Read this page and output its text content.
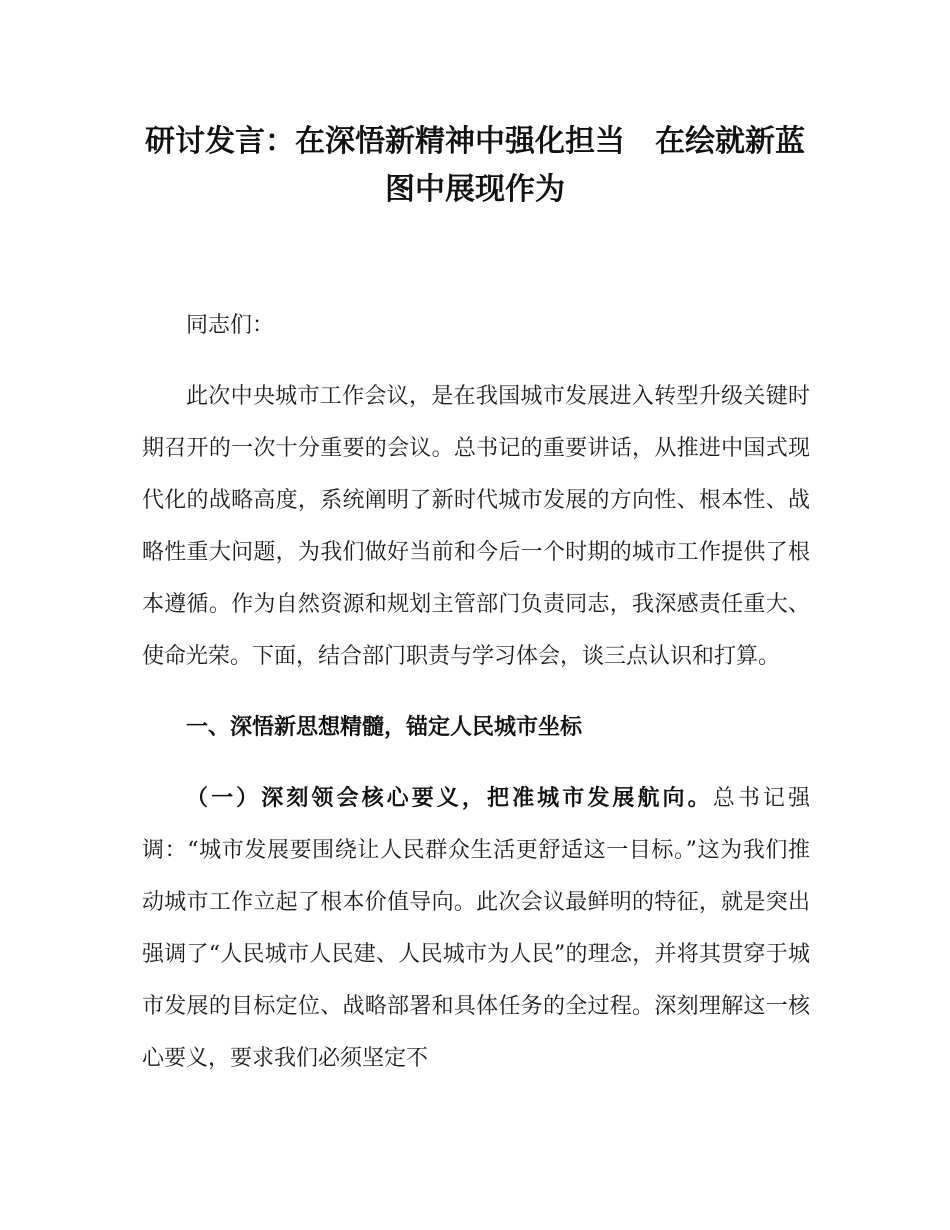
研讨发言：在深悟新精神中强化担当　在绘就新蓝图中展现作为

同志们：

此次中央城市工作会议，是在我国城市发展进入转型升级关键时期召开的一次十分重要的会议。总书记的重要讲话，从推进中国式现代化的战略高度，系统阐明了新时代城市发展的方向性、根本性、战略性重大问题，为我们做好当前和今后一个时期的城市工作提供了根本遵循。作为自然资源和规划主管部门负责同志，我深感责任重大、使命光荣。下面，结合部门职责与学习体会，谈三点认识和打算。

一、深悟新思想精髓，锚定人民城市坐标

（一）深刻领会核心要义，把准城市发展航向。总书记强调：“城市发展要围绕让人民群众生活更舒适这一目标。”这为我们推动城市工作立起了根本价值导向。此次会议最鲜明的特征，就是突出强调了“人民城市人民建、人民城市为人民”的理念，并将其贯穿于城市发展的目标定位、战略部署和具体任务的全过程。深刻理解这一核心要义，要求我们必须坚定不
